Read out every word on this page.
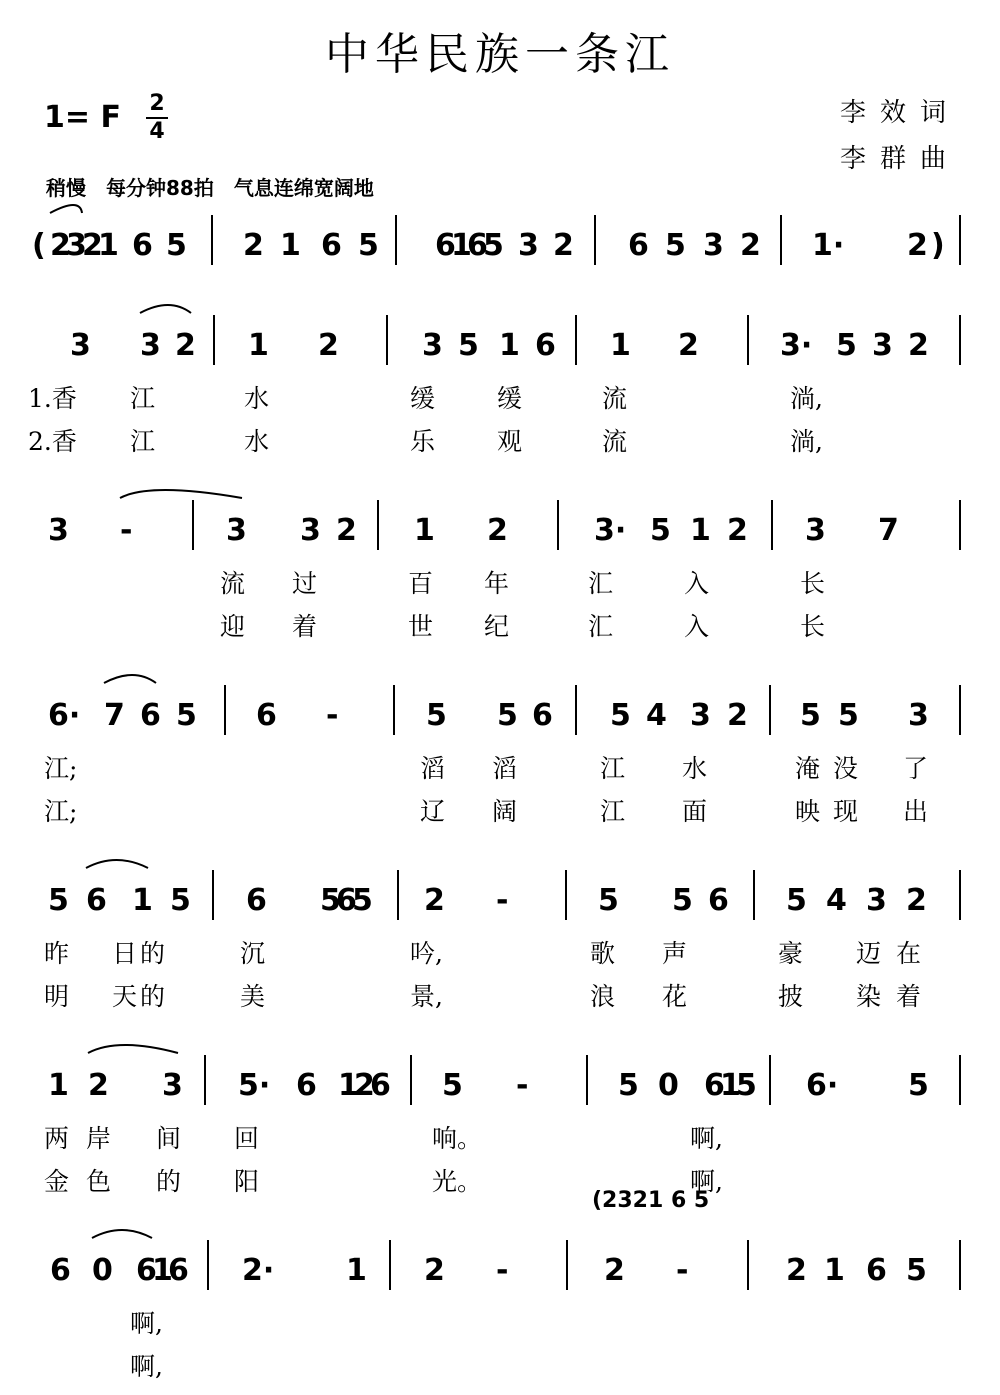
中华民族一条江
1= F 2
4
李效词
李群曲
稍慢　每分钟88拍　气息连绵宽阔地
( 2
3
2
1 6 5 2 1 6 5 6
1
6
5 3 2 6 5 3 2 1· 2 )
3 3 2 1 2	3 5 1 6 1 2	3· 5 3 2
1.香 江	水	缓 缓	流	淌,
2.香 江	水	乐 观	流	淌,
3 -	3 3 2 1 2	3· 5 1 2 3 7
流 过	百 年	汇	入	长
迎 着	世 纪	汇	入	长
6· 7 6 5 6 -	5 5 6 5 4 3 2 5 5 3
江;	滔 滔	江 水	淹 没 了
江;	辽 阔	江 面	映 现 出
5 6 1 5 6 5
6
5 2 -	5 5 6 5 4 3 2
昨 日 的	沉	吟,	歌 声	豪 迈 在
明 天 的	美	景,	浪 花	披 染 着
1 2 3 5· 6 1
2
6 5 -	5 0 6
1
5 6· 5
两 岸 间 回	响。	啊,
金 色 的 阳	光。	啊,
6 0 6
1
6 2· 1 2 -	2 -	2 1 6 5
啊,
啊,
(2321 6 5
